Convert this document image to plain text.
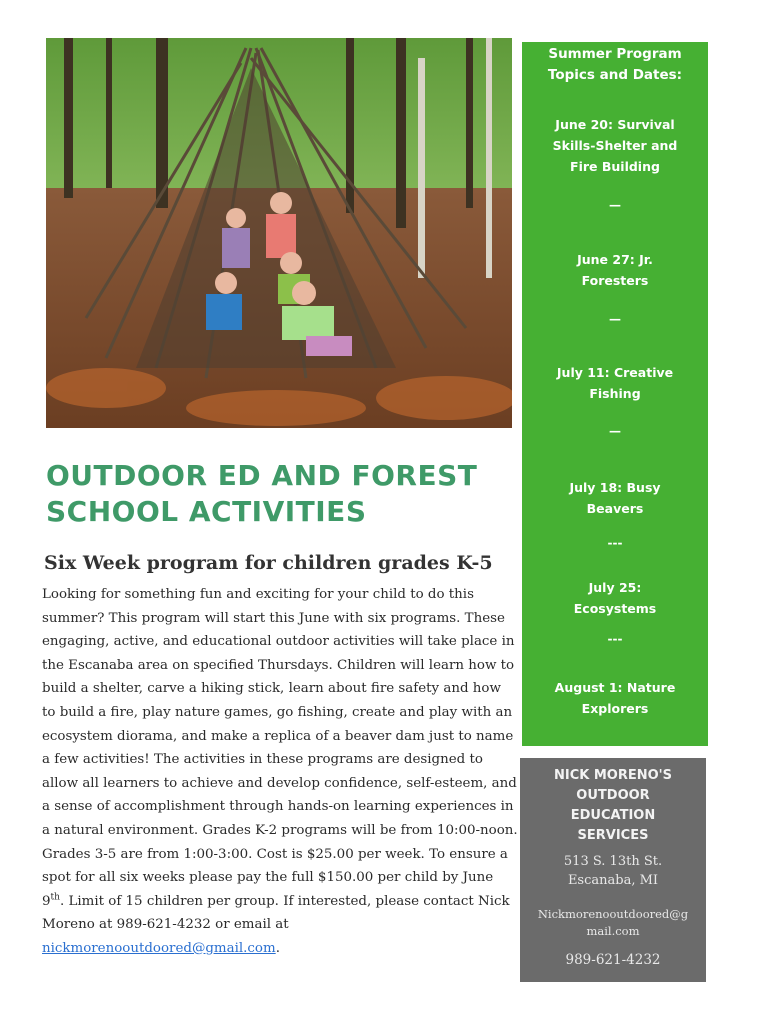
Summer Program
Topics and Dates:
June 20: Survival
Skills-Shelter and
Fire Building
—
June 27: Jr.
Foresters
—
July 11: Creative
Fishing
—
July 18: Busy
Beavers
---
July 25:
Ecosystems
---
August 1: Nature
Explorers
NICK MORENO'S
OUTDOOR
EDUCATION
SERVICES
513 S. 13th St.
Escanaba, MI
Nickmorenooutdoored@gmail.com
989-621-4232
OUTDOOR ED AND FOREST SCHOOL ACTIVITIES
Six Week program for children grades K-5

Looking for something fun and exciting for your child to do this summer? This program will start this June with six programs. These engaging, active, and educational outdoor activities will take place in the Escanaba area on specified Thursdays. Children will learn how to build a shelter, carve a hiking stick, learn about fire safety and how to build a fire, play nature games, go fishing, create and play with an ecosystem diorama, and make a replica of a beaver dam just to name a few activities! The activities in these programs are designed to allow all learners to achieve and develop confidence, self-esteem, and a sense of accomplishment through hands-on learning experiences in a natural environment. Grades K-2 programs will be from 10:00-noon. Grades 3-5 are from 1:00-3:00. Cost is $25.00 per week. To ensure a spot for all six weeks please pay the full $150.00 per child by June 9th. Limit of 15 children per group. If interested, please contact Nick Moreno at 989-621-4232 or email at nickmorenooutdoored@gmail.com.
